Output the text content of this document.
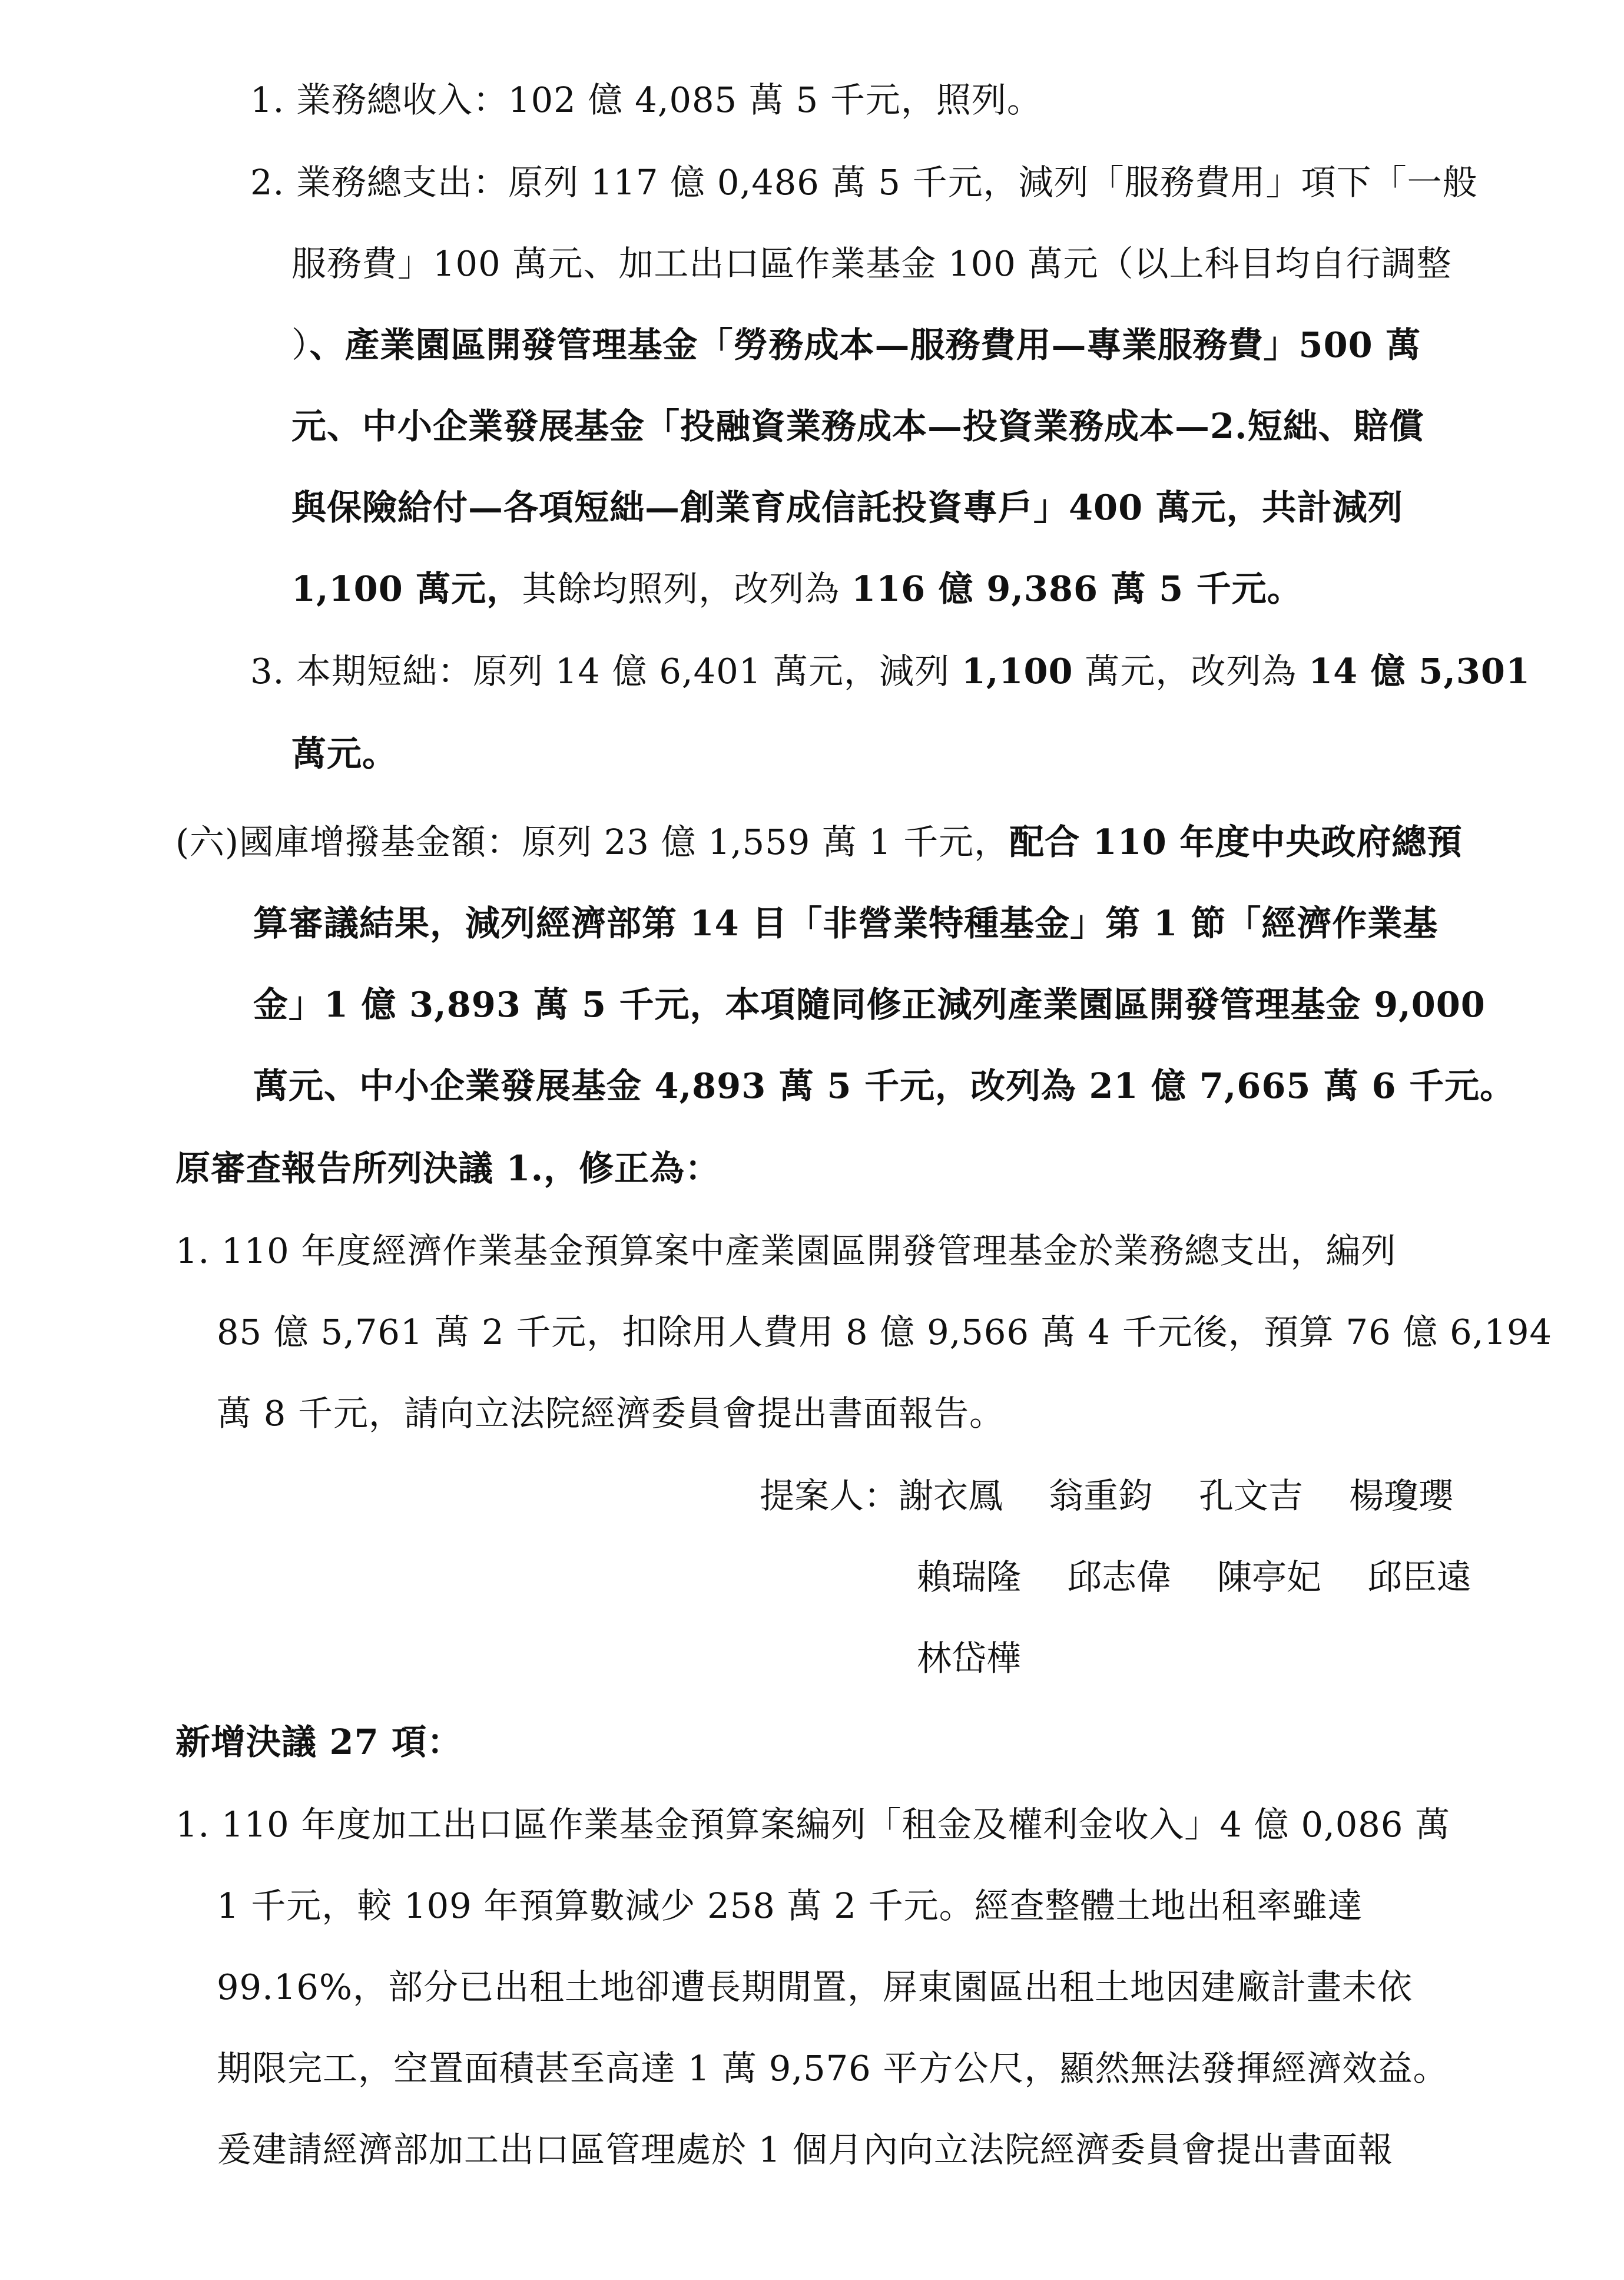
1. 業務總收入：102 億 4,085 萬 5 千元，照列。
2. 業務總支出：原列 117 億 0,486 萬 5 千元，減列「服務費用」項下「一般
服務費」100 萬元、加工出口區作業基金 100 萬元（以上科目均自行調整
）、產業園區開發管理基金「勞務成本—服務費用—專業服務費」500 萬
元、中小企業發展基金「投融資業務成本—投資業務成本—2.短絀、賠償
與保險給付—各項短絀—創業育成信託投資專戶」400 萬元，共計減列
1,100 萬元，其餘均照列，改列為 116 億 9,386 萬 5 千元。
3. 本期短絀：原列 14 億 6,401 萬元，減列 1,100 萬元，改列為 14 億 5,301
萬元。
(六)國庫增撥基金額：原列 23 億 1,559 萬 1 千元，配合 110 年度中央政府總預
算審議結果，減列經濟部第 14 目「非營業特種基金」第 1 節「經濟作業基
金」1 億 3,893 萬 5 千元，本項隨同修正減列產業園區開發管理基金 9,000
萬元、中小企業發展基金 4,893 萬 5 千元，改列為 21 億 7,665 萬 6 千元。
原審查報告所列決議 1.，修正為：
1. 110 年度經濟作業基金預算案中產業園區開發管理基金於業務總支出，編列
85 億 5,761 萬 2 千元，扣除用人費用 8 億 9,566 萬 4 千元後，預算 76 億 6,194
萬 8 千元，請向立法院經濟委員會提出書面報告。
提案人：謝衣鳳 翁重鈞 孔文吉 楊瓊瓔
賴瑞隆 邱志偉 陳亭妃 邱臣遠
林岱樺
新增決議 27 項：
1. 110 年度加工出口區作業基金預算案編列「租金及權利金收入」4 億 0,086 萬
1 千元，較 109 年預算數減少 258 萬 2 千元。經查整體土地出租率雖達
99.16%，部分已出租土地卻遭長期閒置，屏東園區出租土地因建廠計畫未依
期限完工，空置面積甚至高達 1 萬 9,576 平方公尺，顯然無法發揮經濟效益。
爰建請經濟部加工出口區管理處於 1 個月內向立法院經濟委員會提出書面報
